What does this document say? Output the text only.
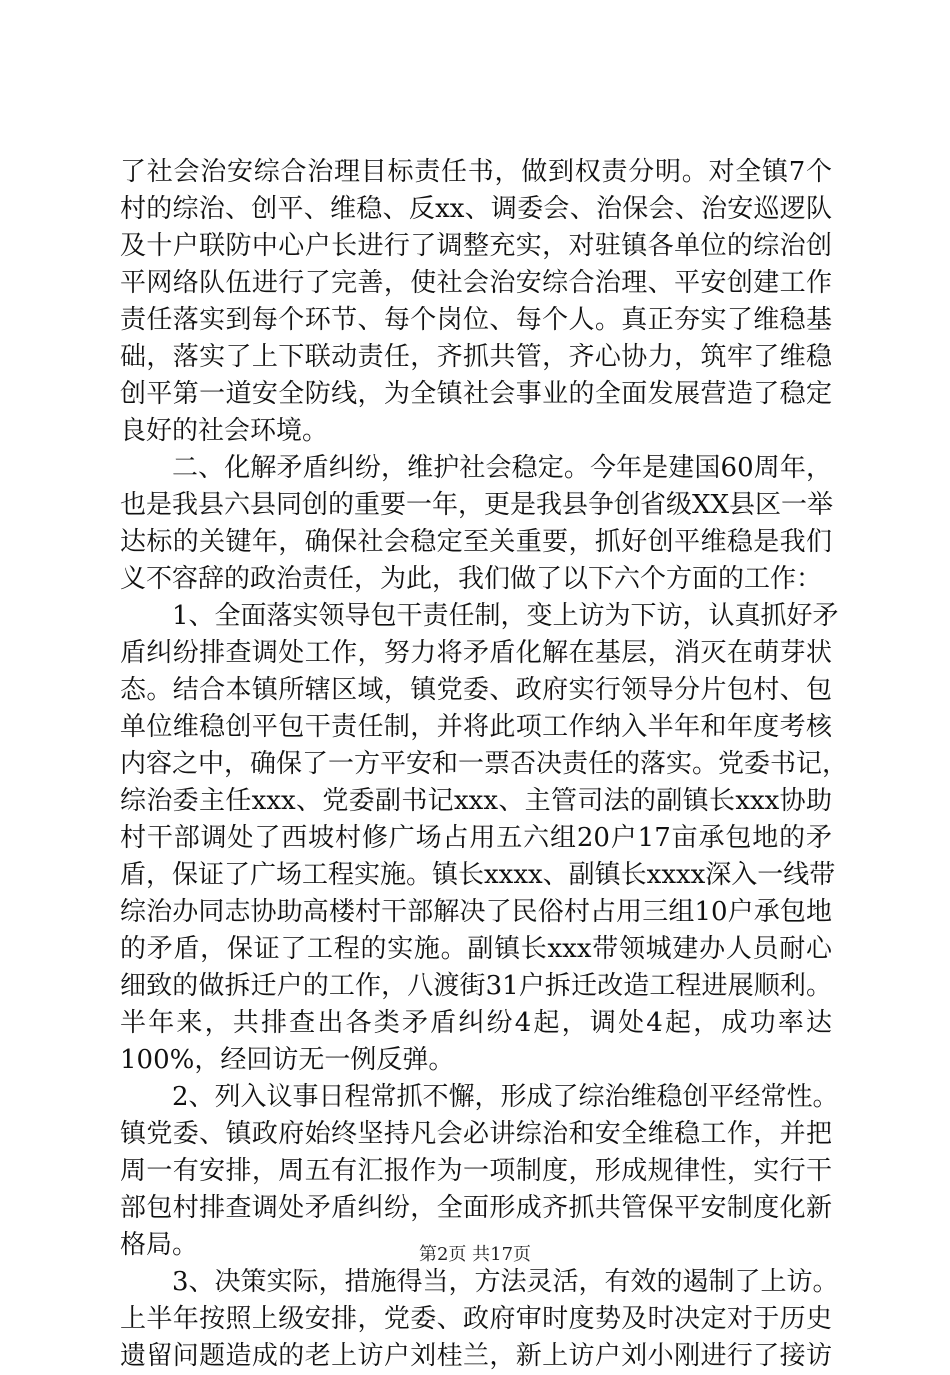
了社会治安综合治理目标责任书，做到权责分明。对全镇7个
村的综治、创平、维稳、反xx、调委会、治保会、治安巡逻队
及十户联防中心户长进行了调整充实，对驻镇各单位的综治创
平网络队伍进行了完善，使社会治安综合治理、平安创建工作
责任落实到每个环节、每个岗位、每个人。真正夯实了维稳基
础，落实了上下联动责任，齐抓共管，齐心协力，筑牢了维稳
创平第一道安全防线，为全镇社会事业的全面发展营造了稳定
良好的社会环境。
二、化解矛盾纠纷，维护社会稳定。今年是建国60周年，
也是我县六县同创的重要一年，更是我县争创省级XX县区一举
达标的关键年，确保社会稳定至关重要，抓好创平维稳是我们
义不容辞的政治责任，为此，我们做了以下六个方面的工作：
1、全面落实领导包干责任制，变上访为下访，认真抓好矛
盾纠纷排查调处工作，努力将矛盾化解在基层，消灭在萌芽状
态。结合本镇所辖区域，镇党委、政府实行领导分片包村、包
单位维稳创平包干责任制，并将此项工作纳入半年和年度考核
内容之中，确保了一方平安和一票否决责任的落实。党委书记，
综治委主任xxx、党委副书记xxx、主管司法的副镇长xxx协助
村干部调处了西坡村修广场占用五六组20户17亩承包地的矛
盾，保证了广场工程实施。镇长xxxx、副镇长xxxx深入一线带
综治办同志协助高楼村干部解决了民俗村占用三组10户承包地
的矛盾，保证了工程的实施。副镇长xxx带领城建办人员耐心
细致的做拆迁户的工作，八渡街31户拆迁改造工程进展顺利。
半年来，共排查出各类矛盾纠纷4起，调处4起，成功率达
100%，经回访无一例反弹。
2、列入议事日程常抓不懈，形成了综治维稳创平经常性。
镇党委、镇政府始终坚持凡会必讲综治和安全维稳工作，并把
周一有安排，周五有汇报作为一项制度，形成规律性，实行干
部包村排查调处矛盾纠纷，全面形成齐抓共管保平安制度化新
格局。
3、决策实际，措施得当，方法灵活，有效的遏制了上访。
上半年按照上级安排，党委、政府审时度势及时决定对于历史
遗留问题造成的老上访户刘桂兰，新上访户刘小刚进行了接访
第2页 共17页
